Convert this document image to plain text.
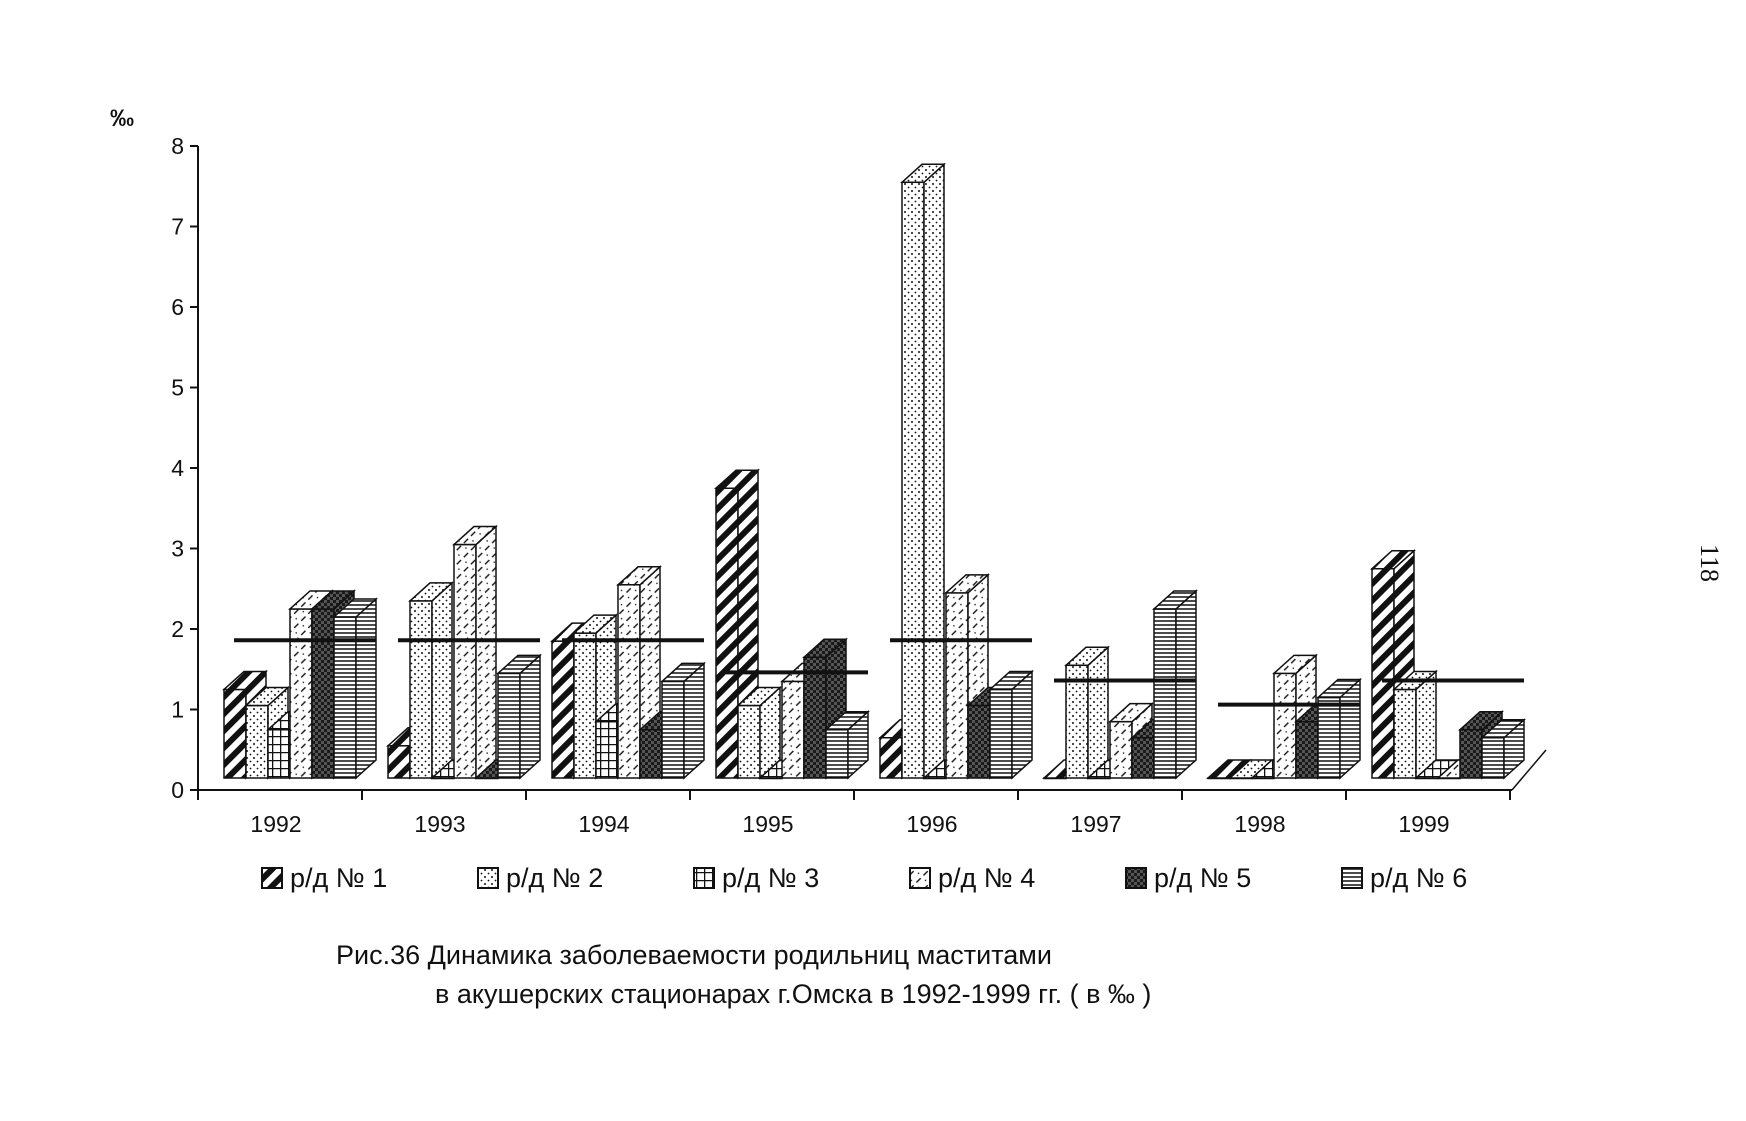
0
1
2
3
4
5
6
7
8
‰
1992	1993	1994	1995	1996	1997	1998	1999
р/д № 1	р/д № 2	р/д № 3	р/д № 4	р/д № 5	р/д № 6
Рис.36 Динамика заболеваемости родильниц маститами
в акушерских стационарах г.Омска в 1992-1999 гг. ( в ‰ )
118
